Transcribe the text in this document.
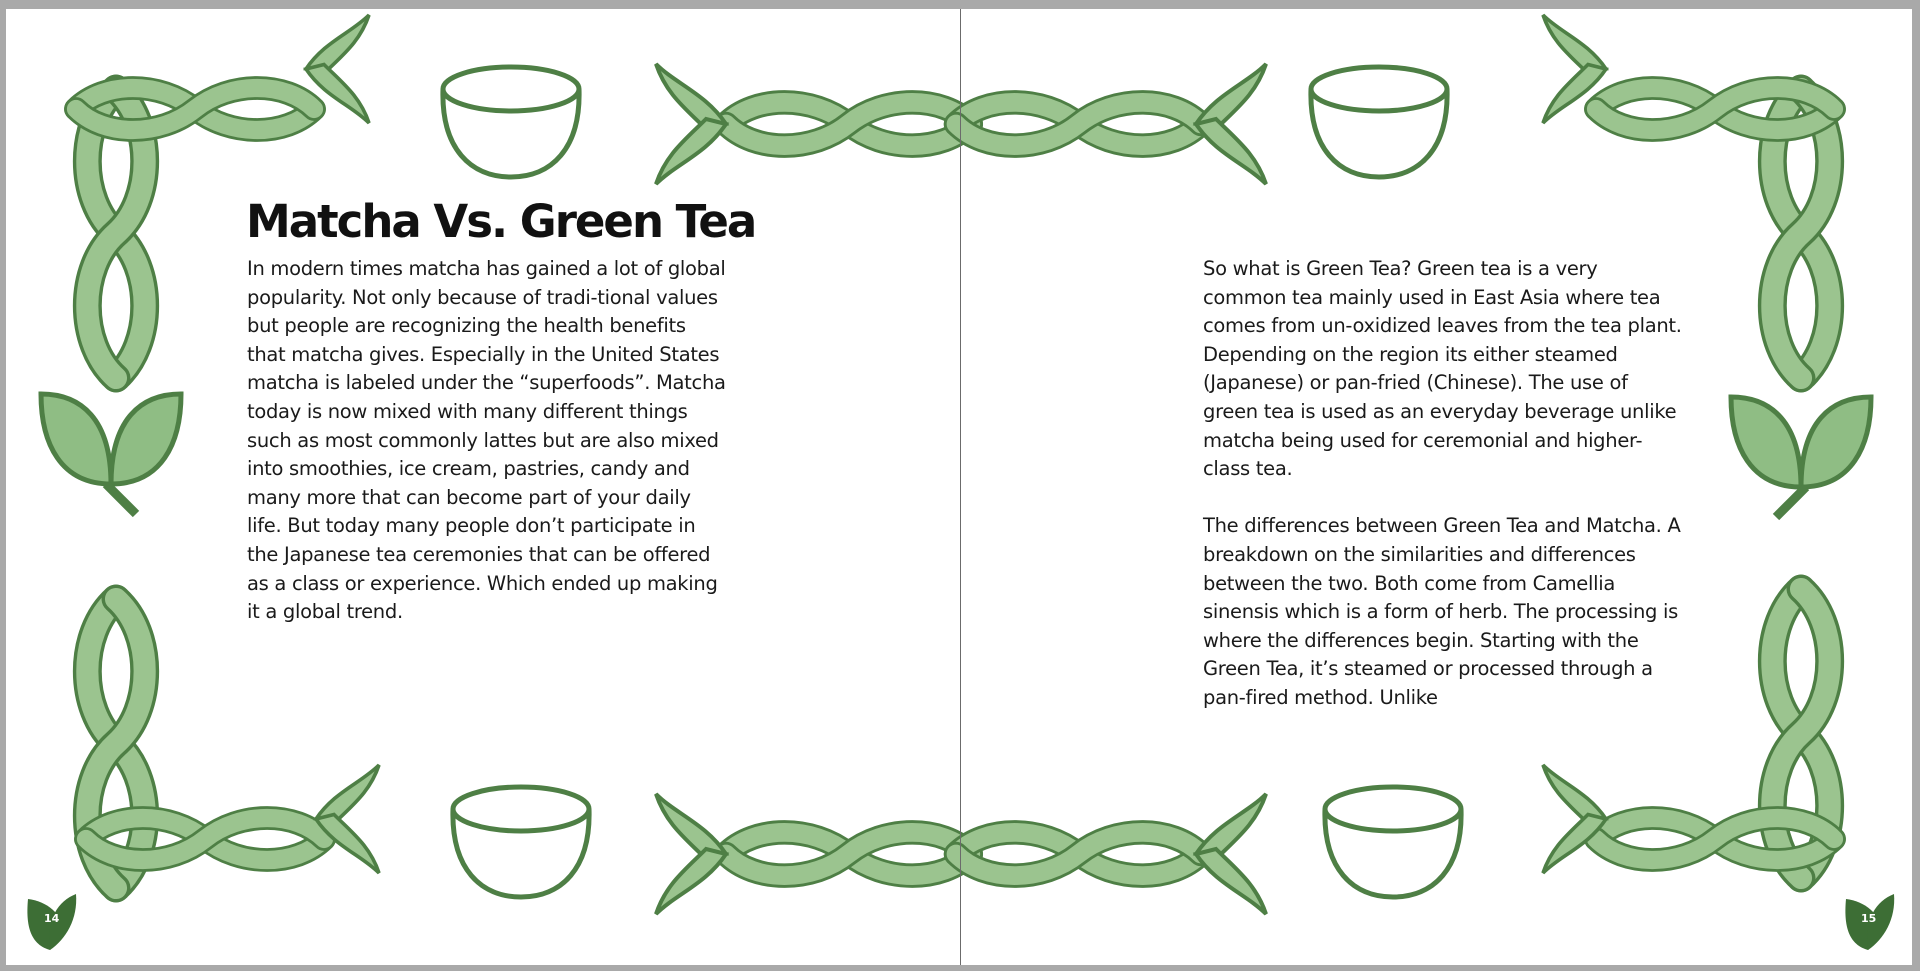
Matcha Vs. Green Tea

In modern times matcha has gained a lot of global popularity. Not only because of tradi-tional values but people are recognizing the health benefits that matcha gives. Especially in the United States matcha is labeled under the “superfoods”. Matcha today is now mixed with many different things such as most commonly lattes but are also mixed into smoothies, ice cream, pastries, candy and many more that can become part of your daily life. But today many people don’t participate in the Japanese tea ceremonies that can be offered as a class or experience. Which ended up making it a global trend.

14

So what is Green Tea? Green tea is a very common tea mainly used in East Asia where tea comes from un-oxidized leaves from the tea plant. Depending on the region its either steamed (Japanese) or pan-fried (Chinese). The use of green tea is used as an everyday beverage unlike matcha being used for ceremonial and higher-class tea.

The differences between Green Tea and Matcha. A breakdown on the similarities and differences between the two. Both come from Camellia sinensis which is a form of herb. The processing is where the differences begin. Starting with the Green Tea, it’s steamed or processed through a pan-fired method. Unlike

15
